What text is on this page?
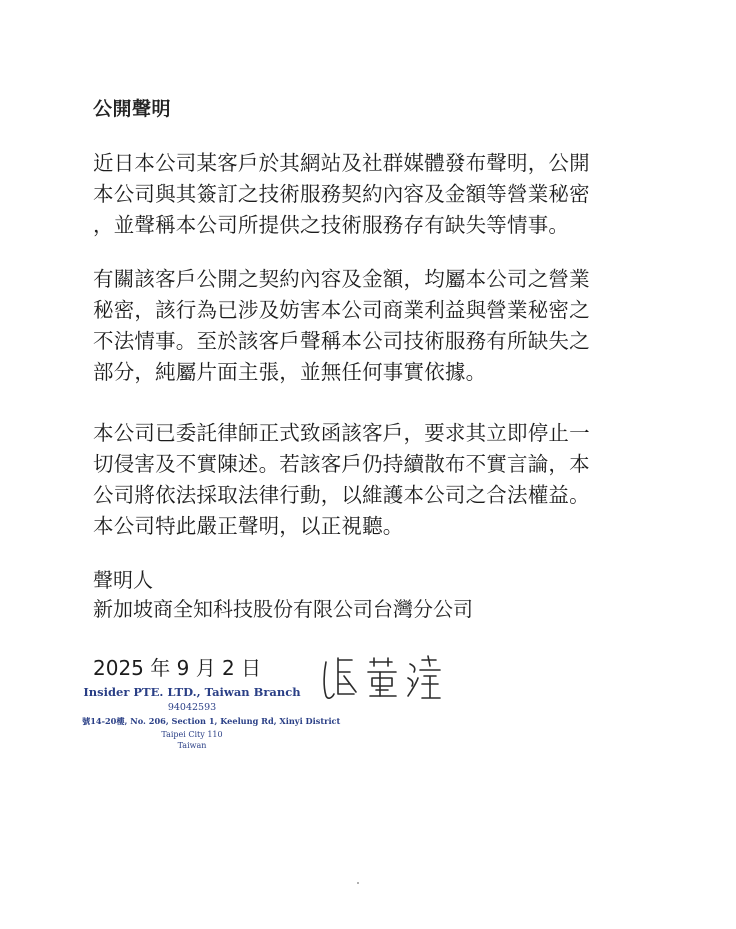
公開聲明
近日本公司某客戶於其網站及社群媒體發布聲明，公開
本公司與其簽訂之技術服務契約內容及金額等營業秘密
，並聲稱本公司所提供之技術服務存有缺失等情事。
有關該客戶公開之契約內容及金額，均屬本公司之營業
秘密，該行為已涉及妨害本公司商業利益與營業秘密之
不法情事。至於該客戶聲稱本公司技術服務有所缺失之
部分，純屬片面主張，並無任何事實依據。
本公司已委託律師正式致函該客戶，要求其立即停止一
切侵害及不實陳述。若該客戶仍持續散布不實言論，本
公司將依法採取法律行動，以維護本公司之合法權益。
本公司特此嚴正聲明，以正視聽。
聲明人
新加坡商全知科技股份有限公司台灣分公司
2025 年 9 月 2 日
Insider PTE. LTD., Taiwan Branch
94042593
號14-20樓, No. 206, Section 1, Keelung Rd, Xinyi District
Taipei City 110
Taiwan
